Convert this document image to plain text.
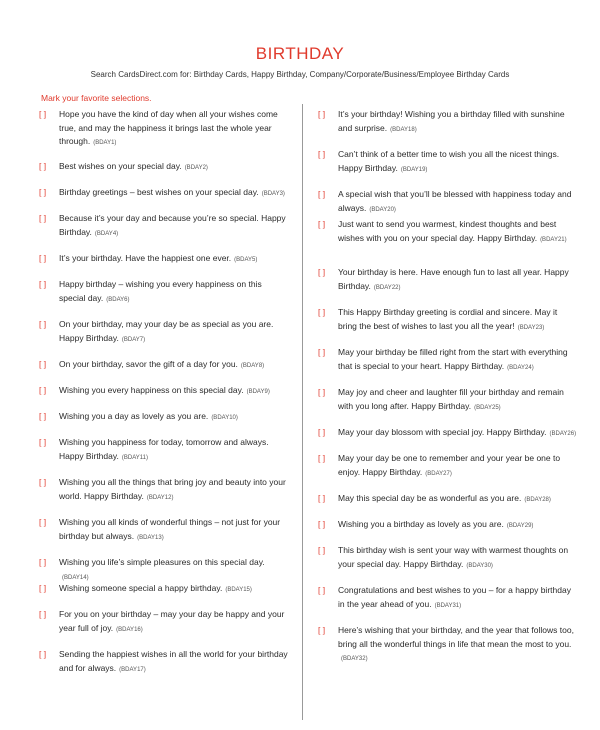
BIRTHDAY
Search CardsDirect.com for: Birthday Cards, Happy Birthday, Company/Corporate/Business/Employee Birthday Cards
Mark your favorite selections.
[ ] Hope you have the kind of day when all your wishes come true, and may the happiness it brings last the whole year through. (BDAY1)
[ ] Best wishes on your special day. (BDAY2)
[ ] Birthday greetings – best wishes on your special day. (BDAY3)
[ ] Because it’s your day and because you’re so special. Happy Birthday. (BDAY4)
[ ] It’s your birthday. Have the happiest one ever. (BDAY5)
[ ] Happy birthday – wishing you every happiness on this special day. (BDAY6)
[ ] On your birthday, may your day be as special as you are. Happy Birthday. (BDAY7)
[ ] On your birthday, savor the gift of a day for you. (BDAY8)
[ ] Wishing you every happiness on this special day. (BDAY9)
[ ] Wishing you a day as lovely as you are. (BDAY10)
[ ] Wishing you happiness for today, tomorrow and always. Happy Birthday. (BDAY11)
[ ] Wishing you all the things that bring joy and beauty into your world. Happy Birthday. (BDAY12)
[ ] Wishing you all kinds of wonderful things – not just for your birthday but always. (BDAY13)
[ ] Wishing you life’s simple pleasures on this special day.(BDAY14)
[ ] Wishing someone special a happy birthday. (BDAY15)
[ ] For you on your birthday – may your day be happy and your year full of joy. (BDAY16)
[ ] Sending the happiest wishes in all the world for your birthday and for always. (BDAY17)
[ ] It’s your birthday! Wishing you a birthday filled with sunshine and surprise. (BDAY18)
[ ] Can’t think of a better time to wish you all the nicest things. Happy Birthday. (BDAY19)
[ ] A special wish that you’ll be blessed with happiness today and always. (BDAY20)
[ ] Just want to send you warmest, kindest thoughts and best wishes with you on your special day. Happy Birthday. (BDAY21)
[ ] Your birthday is here. Have enough fun to last all year. Happy Birthday. (BDAY22)
[ ] This Happy Birthday greeting is cordial and sincere. May it bring the best of wishes to last you all the year! (BDAY23)
[ ] May your birthday be filled right from the start with everything that is special to your heart. Happy Birthday. (BDAY24)
[ ] May joy and cheer and laughter fill your birthday and remain with you long after. Happy Birthday. (BDAY25)
[ ] May your day blossom with special joy. Happy Birthday. (BDAY26)
[ ] May your day be one to remember and your year be one to enjoy. Happy Birthday. (BDAY27)
[ ] May this special day be as wonderful as you are. (BDAY28)
[ ] Wishing you a birthday as lovely as you are. (BDAY29)
[ ] This birthday wish is sent your way with warmest thoughts on your special day. Happy Birthday. (BDAY30)
[ ] Congratulations and best wishes to you – for a happy birthday in the year ahead of you. (BDAY31)
[ ] Here’s wishing that your birthday, and the year that follows too, bring all the wonderful things in life that mean the most to you.(BDAY32)
